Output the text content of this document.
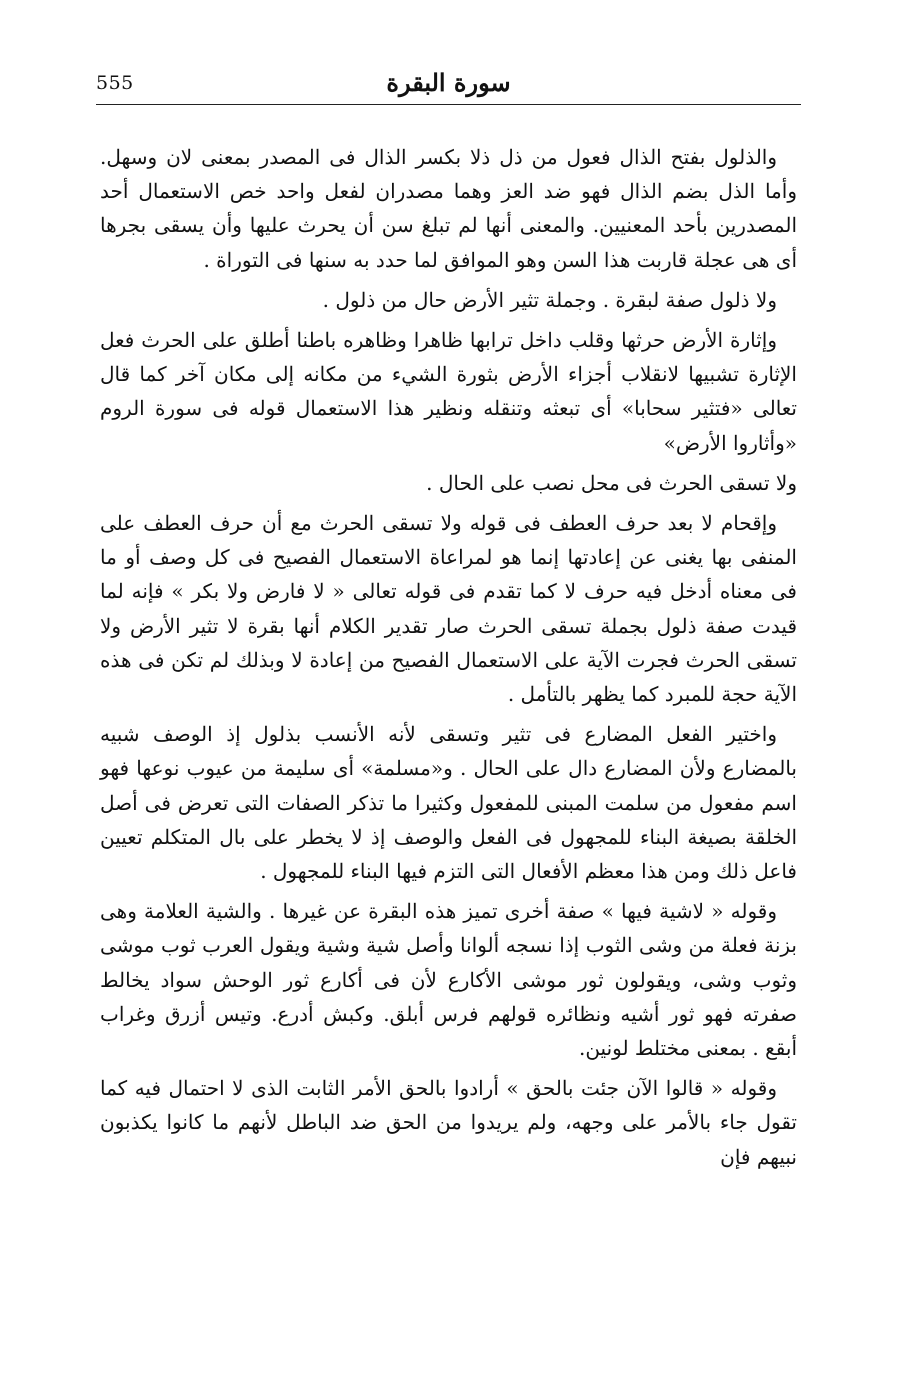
555	سورة البقرة

والذلول بفتح الذال فعول من ذل ذلا بكسر الذال فى المصدر بمعنى لان وسهل. وأما الذل بضم الذال فهو ضد العز وهما مصدران لفعل واحد خص الاستعمال أحد المصدرين بأحد المعنيين. والمعنى أنها لم تبلغ سن أن يحرث عليها وأن يسقى بجرها أى هى عجلة قاربت هذا السن وهو الموافق لما حدد به سنها فى التوراة .

ولا ذلول صفة لبقرة . وجملة تثير الأرض حال من ذلول .

وإثارة الأرض حرثها وقلب داخل ترابها ظاهرا وظاهره باطنا أطلق على الحرث فعل الإثارة تشبيها لانقلاب أجزاء الأرض بثورة الشيء من مكانه إلى مكان آخر كما قال تعالى «فتثير سحابا» أى تبعثه وتنقله ونظير هذا الاستعمال قوله فى سورة الروم «وأثاروا الأرض»

ولا تسقى الحرث فى محل نصب على الحال .

وإقحام لا بعد حرف العطف فى قوله ولا تسقى الحرث مع أن حرف العطف على المنفى بها يغنى عن إعادتها إنما هو لمراعاة الاستعمال الفصيح فى كل وصف أو ما فى معناه أدخل فيه حرف لا كما تقدم فى قوله تعالى « لا فارض ولا بكر » فإنه لما قيدت صفة ذلول بجملة تسقى الحرث صار تقدير الكلام أنها بقرة لا تثير الأرض ولا تسقى الحرث فجرت الآية على الاستعمال الفصيح من إعادة لا وبذلك لم تكن فى هذه الآية حجة للمبرد كما يظهر بالتأمل .

واختير الفعل المضارع فى تثير وتسقى لأنه الأنسب بذلول إذ الوصف شبيه بالمضارع ولأن المضارع دال على الحال . و«مسلمة» أى سليمة من عيوب نوعها فهو اسم مفعول من سلمت المبنى للمفعول وكثيرا ما تذكر الصفات التى تعرض فى أصل الخلقة بصيغة البناء للمجهول فى الفعل والوصف إذ لا يخطر على بال المتكلم تعيين فاعل ذلك ومن هذا معظم الأفعال التى التزم فيها البناء للمجهول .

وقوله « لاشية فيها » صفة أخرى تميز هذه البقرة عن غيرها . والشية العلامة وهى بزنة فعلة من وشى الثوب إذا نسجه ألوانا وأصل شية وشية ويقول العرب ثوب موشى وثوب وشى، ويقولون ثور موشى الأكارع لأن فى أكارع ثور الوحش سواد يخالط صفرته فهو ثور أشيه ونظائره قولهم فرس أبلق. وكبش أدرع. وتيس أزرق وغراب أبقع . بمعنى مختلط لونين.

وقوله « قالوا الآن جئت بالحق » أرادوا بالحق الأمر الثابت الذى لا احتمال فيه كما تقول جاء بالأمر على وجهه، ولم يريدوا من الحق ضد الباطل لأنهم ما كانوا يكذبون نبيهم فإن
